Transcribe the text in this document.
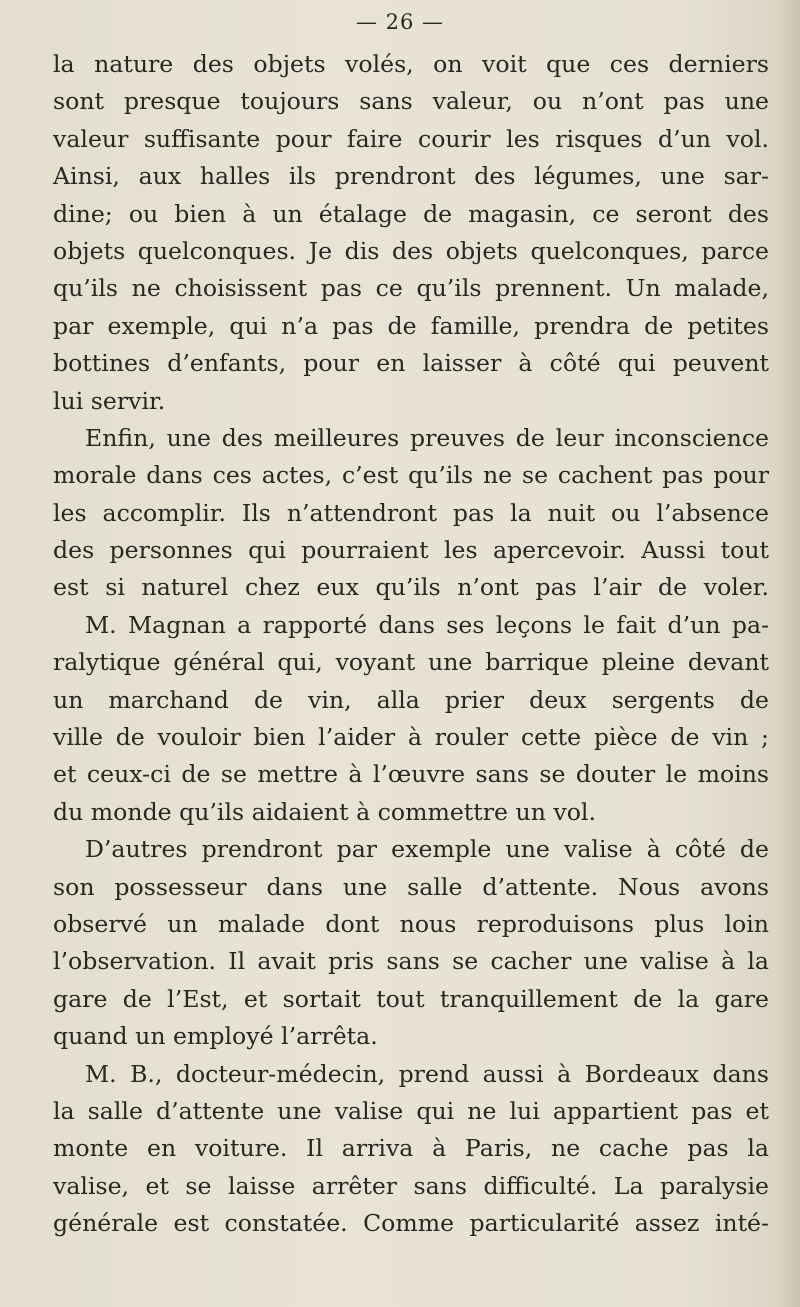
— 26 —
la nature des objets volés, on voit que ces derniers
sont presque toujours sans valeur, ou n’ont pas une
valeur suffisante pour faire courir les risques d’un vol.
Ainsi, aux halles ils prendront des légumes, une sar-
dine; ou bien à un étalage de magasin, ce seront des
objets quelconques. Je dis des objets quelconques, parce
qu’ils ne choisissent pas ce qu’ils prennent. Un malade,
par exemple, qui n’a pas de famille, prendra de petites
bottines d’enfants, pour en laisser à côté qui peuvent
lui servir.
Enfin, une des meilleures preuves de leur inconscience
morale dans ces actes, c’est qu’ils ne se cachent pas pour
les accomplir. Ils n’attendront pas la nuit ou l’absence
des personnes qui pourraient les apercevoir. Aussi tout
est si naturel chez eux qu’ils n’ont pas l’air de voler.
M. Magnan a rapporté dans ses leçons le fait d’un pa-
ralytique général qui, voyant une barrique pleine devant
un marchand de vin, alla prier deux sergents de
ville de vouloir bien l’aider à rouler cette pièce de vin ;
et ceux-ci de se mettre à l’œuvre sans se douter le moins
du monde qu’ils aidaient à commettre un vol.
D’autres prendront par exemple une valise à côté de
son possesseur dans une salle d’attente. Nous avons
observé un malade dont nous reproduisons plus loin
l’observation. Il avait pris sans se cacher une valise à la
gare de l’Est, et sortait tout tranquillement de la gare
quand un employé l’arrêta.
M. B., docteur-médecin, prend aussi à Bordeaux dans
la salle d’attente une valise qui ne lui appartient pas et
monte en voiture. Il arriva à Paris, ne cache pas la
valise, et se laisse arrêter sans difficulté. La paralysie
générale est constatée. Comme particularité assez inté-
